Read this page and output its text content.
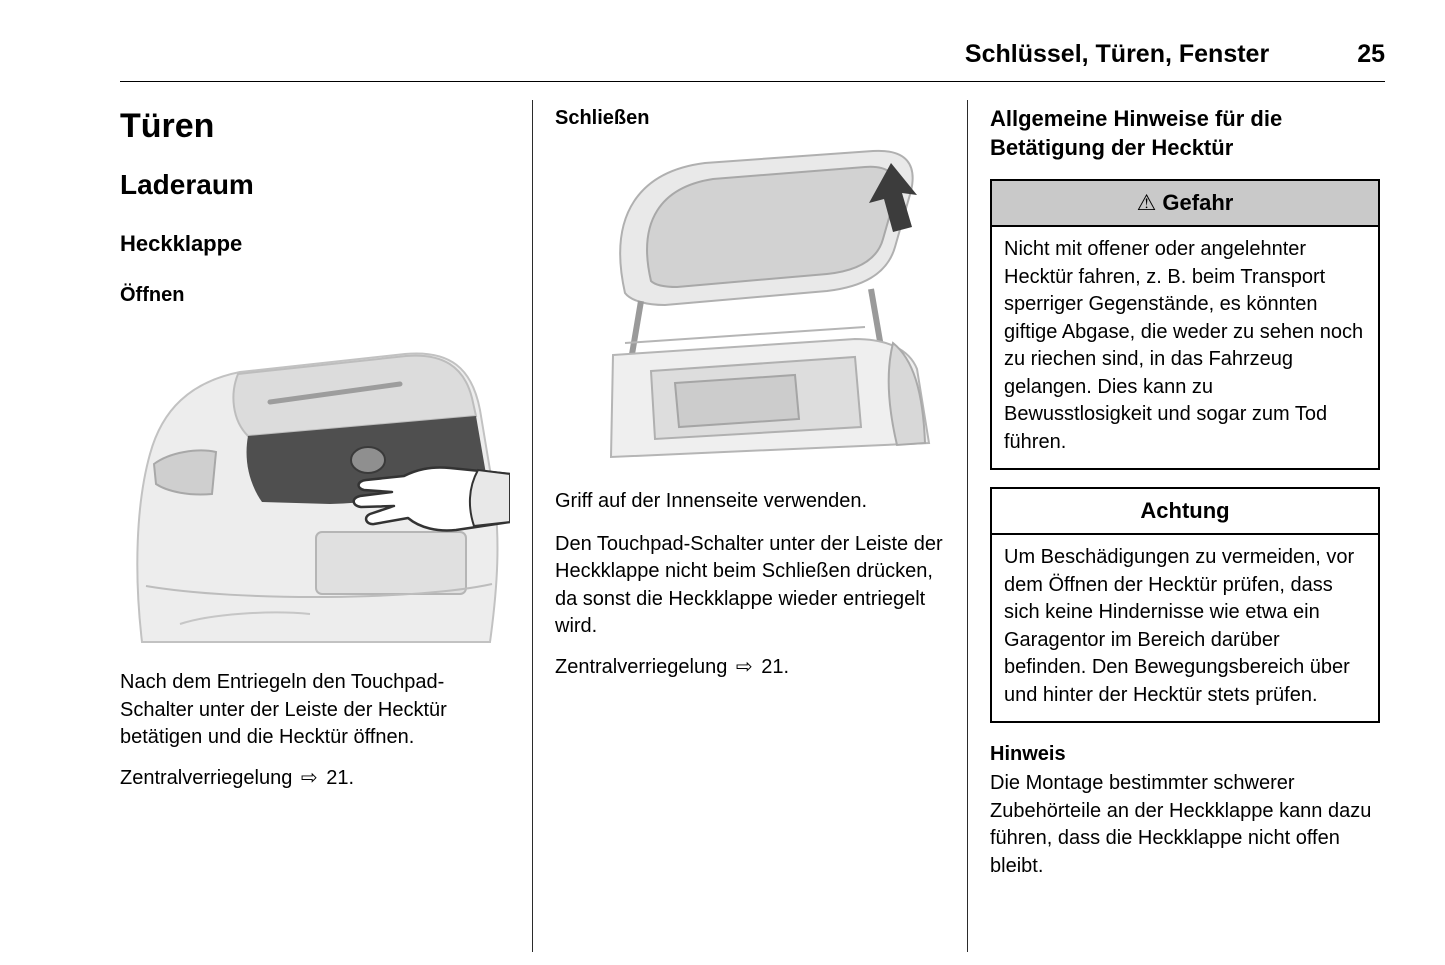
Schlüssel, Türen, Fenster	25
Türen
Laderaum
Heckklappe
Öffnen

Nach dem Entriegeln den Touchpad-Schalter unter der Leiste der Hecktür betätigen und die Hecktür öffnen.

Zentralverriegelung ⇨ 21.

Schließen

Griff auf der Innenseite verwenden.

Den Touchpad-Schalter unter der Leiste der Heckklappe nicht beim Schließen drücken, da sonst die Heckklappe wieder entriegelt wird.

Zentralverriegelung ⇨ 21.

Allgemeine Hinweise für die Betätigung der Hecktür
⚠ Gefahr
Nicht mit offener oder angelehnter Hecktür fahren, z. B. beim Transport sperriger Gegenstände, es könnten giftige Abgase, die weder zu sehen noch zu riechen sind, in das Fahrzeug gelangen. Dies kann zu Bewusstlosigkeit und sogar zum Tod führen.
Achtung
Um Beschädigungen zu vermeiden, vor dem Öffnen der Hecktür prüfen, dass sich keine Hindernisse wie etwa ein Garagentor im Bereich darüber befinden. Den Bewegungsbereich über und hinter der Hecktür stets prüfen.
Hinweis
Die Montage bestimmter schwerer Zubehörteile an der Heckklappe kann dazu führen, dass die Heckklappe nicht offen bleibt.
